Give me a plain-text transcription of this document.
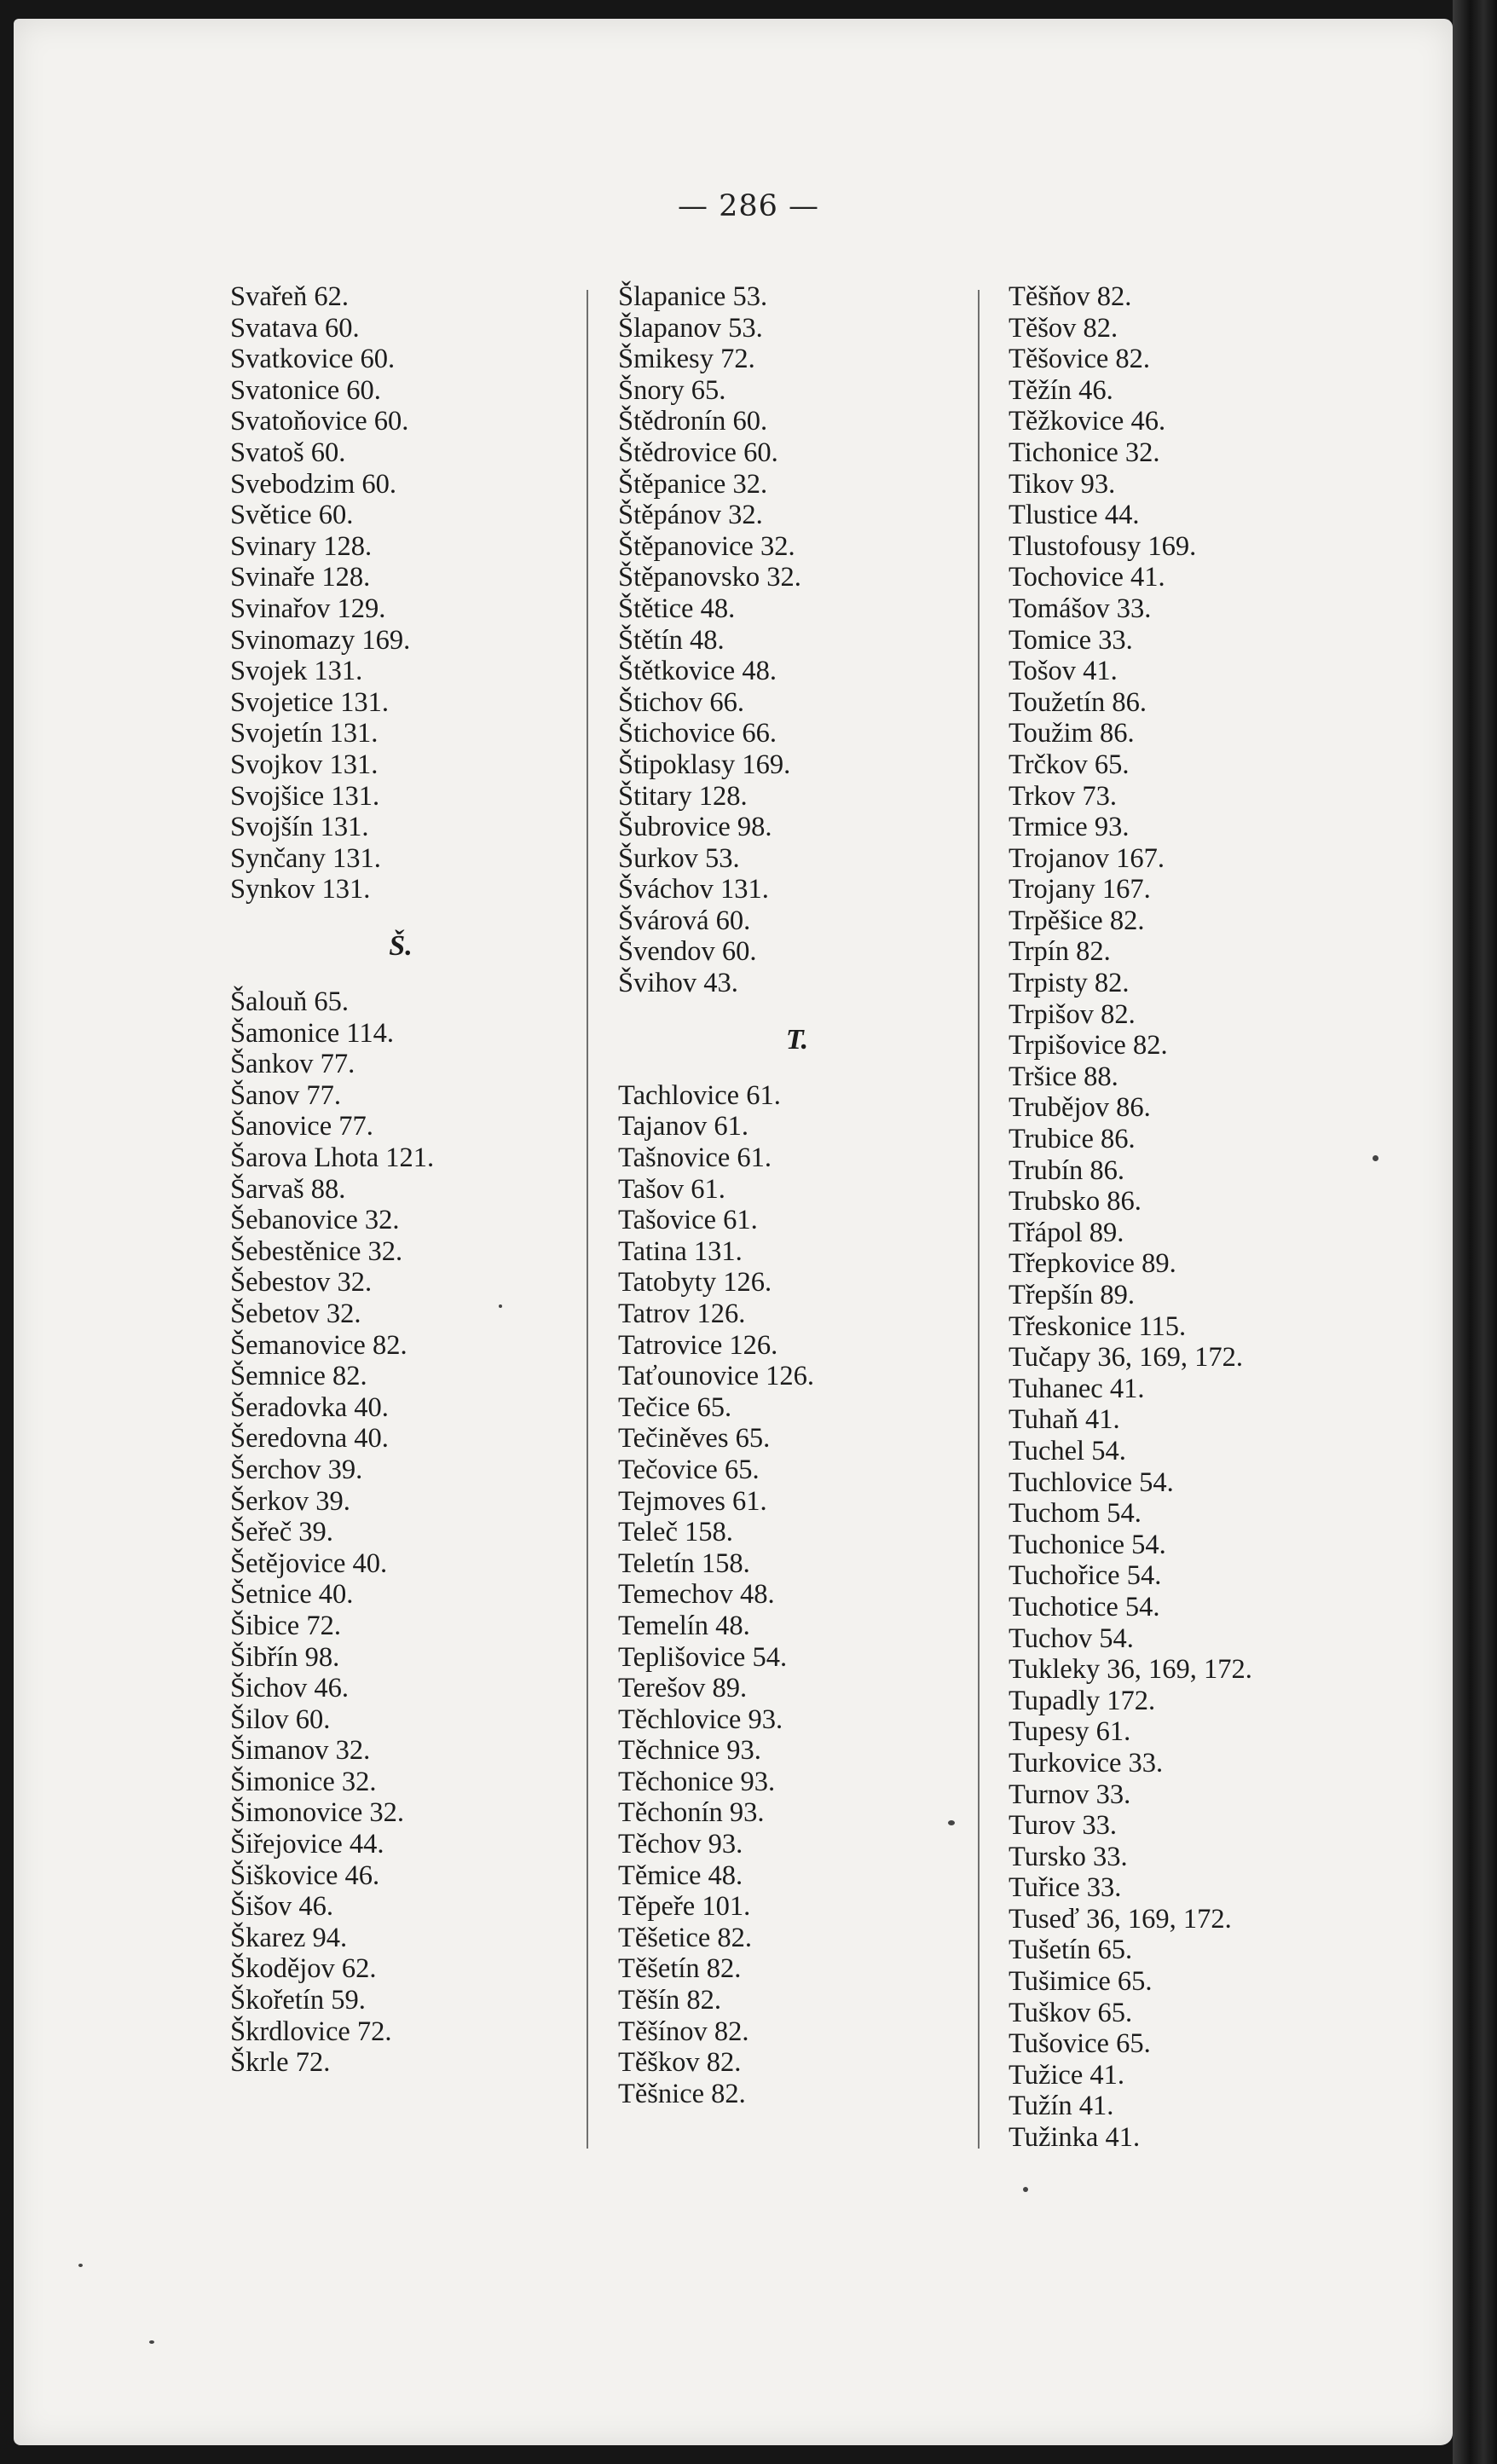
— 286 —
Svařeň 62.
Svatava 60.
Svatkovice 60.
Svatonice 60.
Svatoňovice 60.
Svatoš 60.
Svebodzim 60.
Světice 60.
Svinary 128.
Svinaře 128.
Svinařov 129.
Svinomazy 169.
Svojek 131.
Svojetice 131.
Svojetín 131.
Svojkov 131.
Svojšice 131.
Svojšín 131.
Synčany 131.
Synkov 131.
Š.
Šalouň 65.
Šamonice 114.
Šankov 77.
Šanov 77.
Šanovice 77.
Šarova Lhota 121.
Šarvaš 88.
Šebanovice 32.
Šebestěnice 32.
Šebestov 32.
Šebetov 32.
Šemanovice 82.
Šemnice 82.
Šeradovka 40.
Šeredovna 40.
Šerchov 39.
Šerkov 39.
Šeřeč 39.
Šetějovice 40.
Šetnice 40.
Šibice 72.
Šibřín 98.
Šichov 46.
Šilov 60.
Šimanov 32.
Šimonice 32.
Šimonovice 32.
Šiřejovice 44.
Šiškovice 46.
Šišov 46.
Škarez 94.
Škodějov 62.
Škořetín 59.
Škrdlovice 72.
Škrle 72.
Šlapanice 53.
Šlapanov 53.
Šmikesy 72.
Šnory 65.
Štědronín 60.
Štědrovice 60.
Štěpanice 32.
Štěpánov 32.
Štěpanovice 32.
Štěpanovsko 32.
Štětice 48.
Štětín 48.
Štětkovice 48.
Štichov 66.
Štichovice 66.
Štipoklasy 169.
Štitary 128.
Šubrovice 98.
Šurkov 53.
Šváchov 131.
Švárová 60.
Švendov 60.
Švihov 43.
T.
Tachlovice 61.
Tajanov 61.
Tašnovice 61.
Tašov 61.
Tašovice 61.
Tatina 131.
Tatobyty 126.
Tatrov 126.
Tatrovice 126.
Taťounovice 126.
Tečice 65.
Tečiněves 65.
Tečovice 65.
Tejmoves 61.
Teleč 158.
Teletín 158.
Temechov 48.
Temelín 48.
Teplišovice 54.
Terešov 89.
Těchlovice 93.
Těchnice 93.
Těchonice 93.
Těchonín 93.
Těchov 93.
Těmice 48.
Těpeře 101.
Těšetice 82.
Těšetín 82.
Těšín 82.
Těšínov 82.
Těškov 82.
Těšnice 82.
Těšňov 82.
Těšov 82.
Těšovice 82.
Těžín 46.
Těžkovice 46.
Tichonice 32.
Tikov 93.
Tlustice 44.
Tlustofousy 169.
Tochovice 41.
Tomášov 33.
Tomice 33.
Tošov 41.
Toužetín 86.
Toužim 86.
Trčkov 65.
Trkov 73.
Trmice 93.
Trojanov 167.
Trojany 167.
Trpěšice 82.
Trpín 82.
Trpisty 82.
Trpišov 82.
Trpišovice 82.
Tršice 88.
Trubějov 86.
Trubice 86.
Trubín 86.
Trubsko 86.
Třápol 89.
Třepkovice 89.
Třepšín 89.
Třeskonice 115.
Tučapy 36, 169, 172.
Tuhaneс 41.
Tuhaň 41.
Tuchel 54.
Tuchlovice 54.
Tuchom 54.
Tuchonice 54.
Tuchořice 54.
Tuchotice 54.
Tuchov 54.
Tukleky 36, 169, 172.
Tupadly 172.
Tupesy 61.
Turkovice 33.
Turnov 33.
Turov 33.
Tursko 33.
Tuřice 33.
Tuseď 36, 169, 172.
Tušetín 65.
Tušimice 65.
Tuškov 65.
Tušovice 65.
Tužice 41.
Tužín 41.
Tužinka 41.
